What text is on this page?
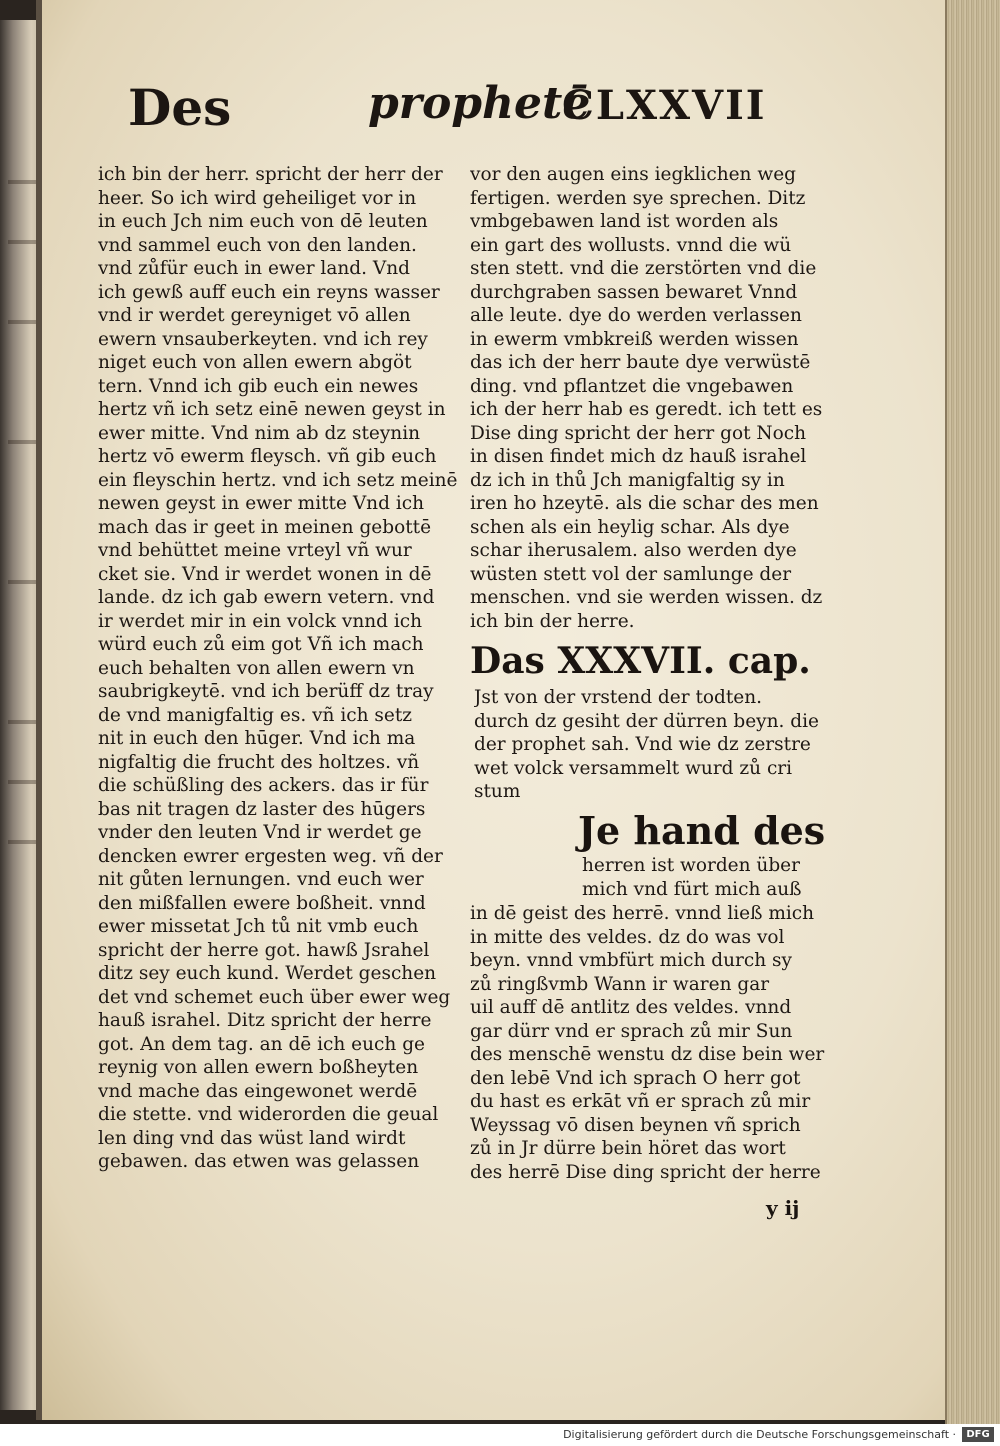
Des	prophetē
CLXXVII
ich bin der herr. spricht der herr der
heer. So ich wird geheiliget vor in
in euch Jch nim euch von dē leuten
vnd sammel euch von den landen.
vnd zůfür euch in ewer land. Vnd
ich gewß auff euch ein reyns wasser
vnd ir werdet gereyniget vō allen
ewern vnsauberkeyten. vnd ich rey
niget euch von allen ewern abgöt
tern. Vnnd ich gib euch ein newes
hertz vñ ich setz einē newen geyst in
ewer mitte. Vnd nim ab dz steynin
hertz vō ewerm fleysch. vñ gib euch
ein fleyschin hertz. vnd ich setz meinē
newen geyst in ewer mitte Vnd ich
mach das ir geet in meinen gebottē
vnd behüttet meine vrteyl vñ wur
cket sie. Vnd ir werdet wonen in dē
lande. dz ich gab ewern vetern. vnd
ir werdet mir in ein volck vnnd ich
würd euch zů eim got Vñ ich mach
euch behalten von allen ewern vn
saubrigkeytē. vnd ich berüff dz tray
de vnd manigfaltig es. vñ ich setz
nit in euch den hūger. Vnd ich ma
nigfaltig die frucht des holtzes. vñ
die schüßling des ackers. das ir für
bas nit tragen dz laster des hūgers
vnder den leuten Vnd ir werdet ge
dencken ewrer ergesten weg. vñ der
nit gůten lernungen. vnd euch wer
den mißfallen ewere boßheit. vnnd
ewer missetat Jch tů nit vmb euch
spricht der herre got. hawß Jsrahel
ditz sey euch kund. Werdet geschen
det vnd schemet euch über ewer weg
hauß israhel. Ditz spricht der herre
got. An dem tag. an dē ich euch ge
reynig von allen ewern boßheyten
vnd mache das eingewonet werdē
die stette. vnd widerorden die geual
len ding vnd das wüst land wirdt
gebawen. das etwen was gelassen
vor den augen eins iegklichen weg
fertigen. werden sye sprechen. Ditz
vmbgebawen land ist worden als
ein gart des wollusts. vnnd die wü
sten stett. vnd die zerstörten vnd die
durchgraben sassen bewaret Vnnd
alle leute. dye do werden verlassen
in ewerm vmbkreiß werden wissen
das ich der herr baute dye verwüstē
ding. vnd pflantzet die vngebawen
ich der herr hab es geredt. ich tett es
Dise ding spricht der herr got Noch
in disen findet mich dz hauß israhel
dz ich in thů Jch manigfaltig sy in
iren ho hzeytē. als die schar des men
schen als ein heylig schar. Als dye
schar iherusalem. also werden dye
wüsten stett vol der samlunge der
menschen. vnd sie werden wissen. dz
ich bin der herre.
Das XXXVII. cap.
Jst von der vrstend der todten.
durch dz gesiht der dürren beyn. die
der prophet sah. Vnd wie dz zerstre
wet volck versammelt wurd zů cri
stum
Je hand des
herren ist worden über
mich vnd fürt mich auß
in dē geist des herrē. vnnd ließ mich
in mitte des veldes. dz do was vol
beyn. vnnd vmbfürt mich durch sy
zů ringßvmb Wann ir waren gar
uil auff dē antlitz des veldes. vnnd
gar dürr vnd er sprach zů mir Sun
des menschē wenstu dz dise bein wer
den lebē Vnd ich sprach O herr got
du hast es erkāt vñ er sprach zů mir
Weyssag vō disen beynen vñ sprich
zů in Jr dürre bein höret das wort
des herrē Dise ding spricht der herre
y ij
Digitalisierung gefördert durch die Deutsche Forschungsgemeinschaft ·	DFG
